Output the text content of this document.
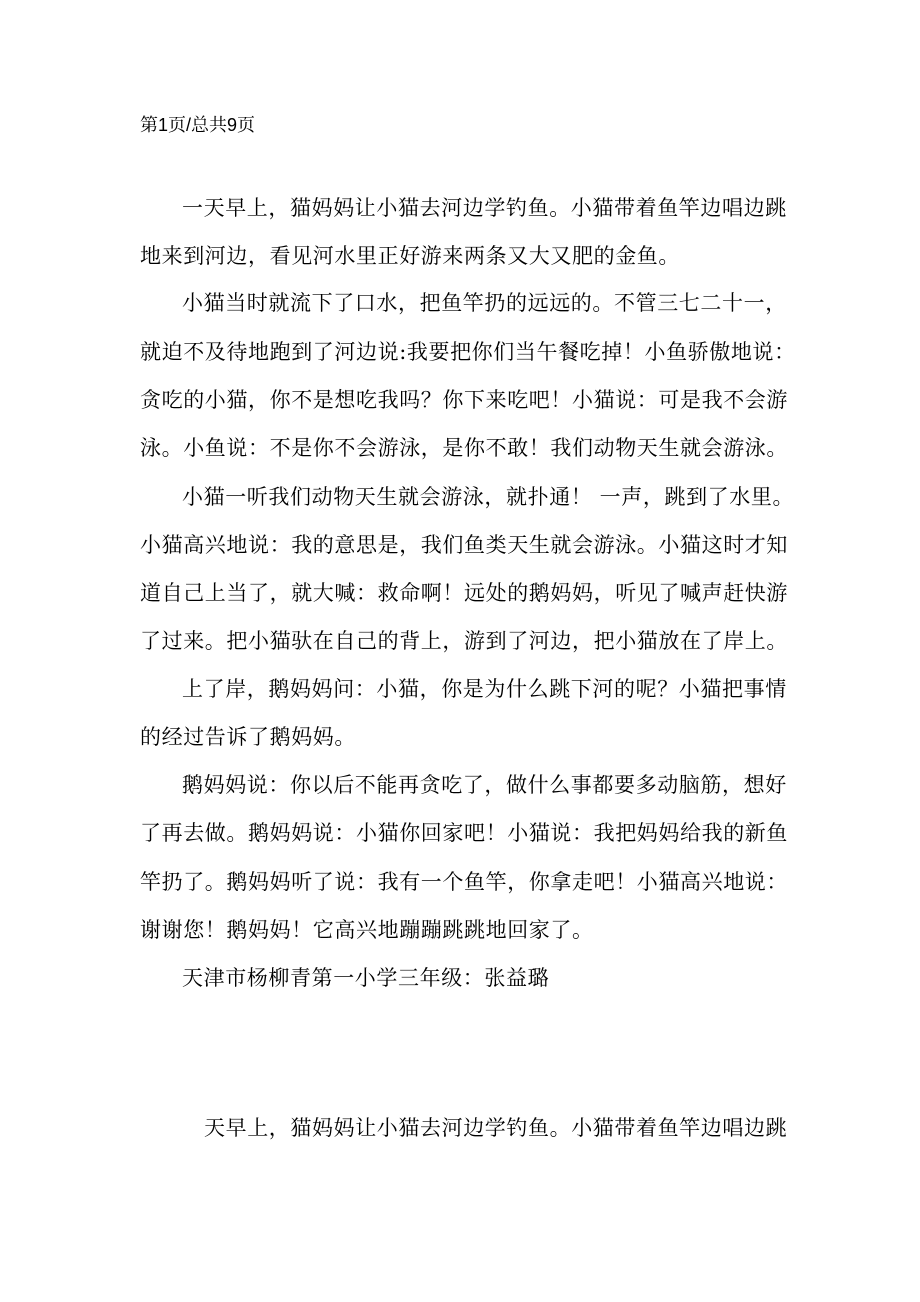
第1页/总共9页
一天早上，猫妈妈让小猫去河边学钓鱼。小猫带着鱼竿边唱边跳
地来到河边，看见河水里正好游来两条又大又肥的金鱼。
小猫当时就流下了口水，把鱼竿扔的远远的。不管三七二十一，
就迫不及待地跑到了河边说:我要把你们当午餐吃掉！小鱼骄傲地说：
贪吃的小猫，你不是想吃我吗？你下来吃吧！小猫说：可是我不会游
泳。小鱼说：不是你不会游泳，是你不敢！我们动物天生就会游泳。
小猫一听我们动物天生就会游泳，就扑通！ 一声，跳到了水里。
小猫高兴地说：我的意思是，我们鱼类天生就会游泳。小猫这时才知
道自己上当了，就大喊：救命啊！远处的鹅妈妈，听见了喊声赶快游
了过来。把小猫驮在自己的背上，游到了河边，把小猫放在了岸上。
上了岸，鹅妈妈问：小猫，你是为什么跳下河的呢？小猫把事情
的经过告诉了鹅妈妈。
鹅妈妈说：你以后不能再贪吃了，做什么事都要多动脑筋，想好
了再去做。鹅妈妈说：小猫你回家吧！小猫说：我把妈妈给我的新鱼
竿扔了。鹅妈妈听了说：我有一个鱼竿，你拿走吧！小猫高兴地说：
谢谢您！鹅妈妈！它高兴地蹦蹦跳跳地回家了。
天津市杨柳青第一小学三年级：张益璐
天早上，猫妈妈让小猫去河边学钓鱼。小猫带着鱼竿边唱边跳
